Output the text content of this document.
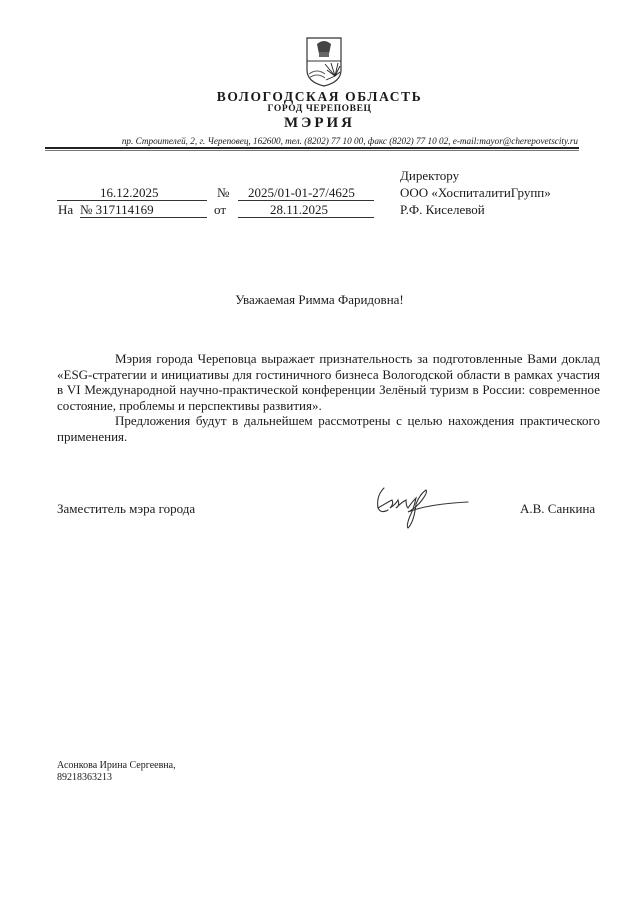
ВОЛОГОДСКАЯ ОБЛАСТЬ
ГОРОД ЧЕРЕПОВЕЦ
МЭРИЯ
пр. Строителей, 2, г. Череповец, 162600, тел. (8202) 77 10 00, факс (8202) 77 10 02, e-mail:mayor@cherepovetscity.ru
16.12.2025	№ 2025/01-01-27/4625
На № 317114169	от	28.11.2025
Директору
ООО «ХоспиталитиГрупп»
Р.Ф. Киселевой
Уважаемая Римма Фаридовна!
Мэрия города Череповца выражает признательность за подготовленные Вами доклад «ESG-стратегии и инициативы для гостиничного бизнеса Вологодской области в рамках участия в VI Международной научно-практической конференции Зелёный туризм в России: современное состояние, проблемы и перспективы развития».
Предложения будут в дальнейшем рассмотрены с целью нахождения практического применения.
Заместитель мэра города	А.В. Санкина
Асонкова Ирина Сергеевна,
89218363213
